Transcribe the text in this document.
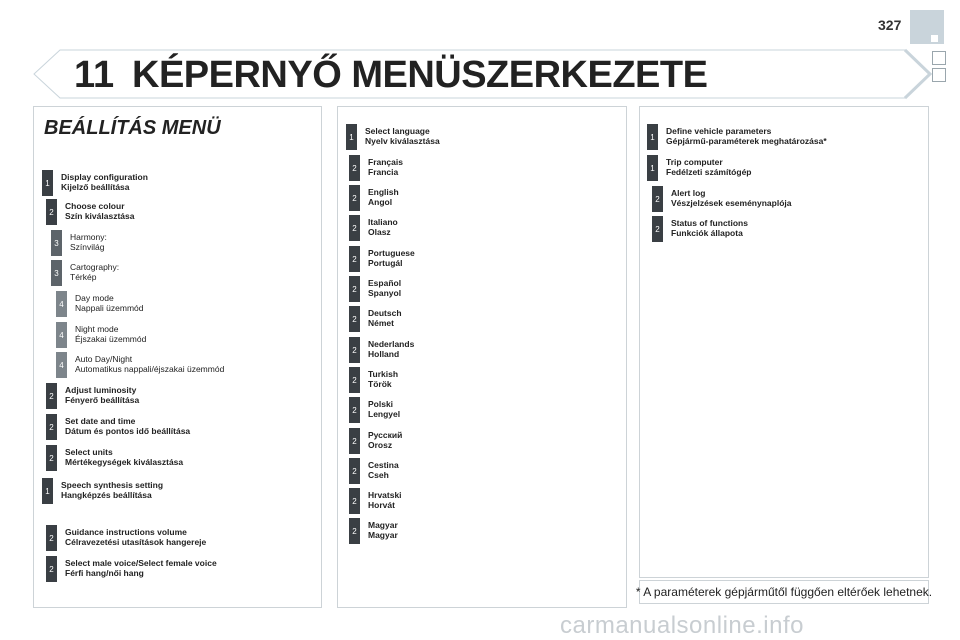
327
11 KÉPERNYŐ MENÜSZERKEZETE
BEÁLLÍTÁS MENÜ
1
Display configuration
Kijelző beállítása
2
Choose colour
Szín kiválasztása
3
Harmony:
Színvilág
3
Cartography:
Térkép
4
Day mode
Nappali üzemmód
4
Night mode
Éjszakai üzemmód
4
Auto Day/Night
Automatikus nappali/éjszakai üzemmód
2
Adjust luminosity
Fényerő beállítása
2
Set date and time
Dátum és pontos idő beállítása
2
Select units
Mértékegységek kiválasztása
1
Speech synthesis setting
Hangképzés beállítása
2
Guidance instructions volume
Célravezetési utasítások hangereje
2
Select male voice/Select female voice
Férfi hang/női hang
1
Select language
Nyelv kiválasztása
2
Français
Francia
2
English
Angol
2
Italiano
Olasz
2
Portuguese
Portugál
2
Español
Spanyol
2
Deutsch
Német
2
Nederlands
Holland
2
Turkish
Török
2
Polski
Lengyel
2
Русский
Orosz
2
Cestina
Cseh
2
Hrvatski
Horvát
2
Magyar
Magyar
1
Define vehicle parameters
Gépjármű-paraméterek meghatározása*
1
Trip computer
Fedélzeti számítógép
2
Alert log
Vészjelzések eseménynaplója
2
Status of functions
Funkciók állapota
* A paraméterek gépjárműtől függően eltérőek lehetnek.
carmanualsonline.info
